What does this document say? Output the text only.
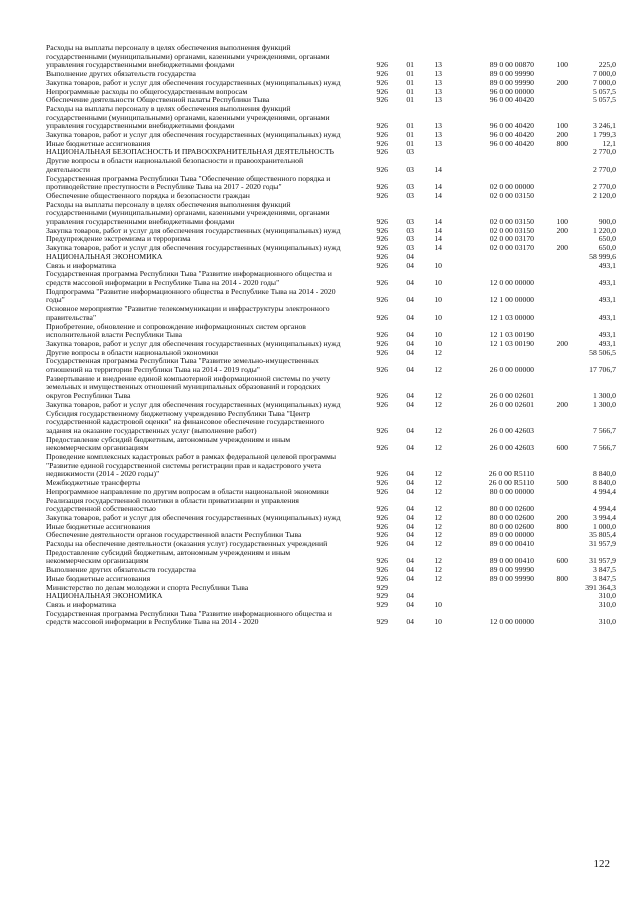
Расходы на выплаты персоналу в целях обеспечения выполнения функций государственными (муниципальными) органами, казенными учреждениями, органами управления государственными внебюджетными фондами	926	01	13	89 0 00 00870	100	225,0
Выполнение других обязательств государства	926	01	13	89 0 00 99990		7 000,0
Закупка товаров, работ и услуг для обеспечения государственных (муниципальных) нужд	926	01	13	89 0 00 99990	200	7 000,0
Непрограммные расходы по общегосударственным вопросам	926	01	13	96 0 00 00000		5 057,5
Обеспечение деятельности Общественной палаты Республики Тыва	926	01	13	96 0 00 40420		5 057,5
Расходы на выплаты персоналу в целях обеспечения выполнения функций государственными (муниципальными) органами, казенными учреждениями, органами управления государственными внебюджетными фондами	926	01	13	96 0 00 40420	100	3 246,1
Закупка товаров, работ и услуг для обеспечения государственных (муниципальных) нужд	926	01	13	96 0 00 40420	200	1 799,3
Иные бюджетные ассигнования	926	01	13	96 0 00 40420	800	12,1
НАЦИОНАЛЬНАЯ БЕЗОПАСНОСТЬ И ПРАВООХРАНИТЕЛЬНАЯ ДЕЯТЕЛЬНОСТЬ	926	03				2 770,0
Другие вопросы в области национальной безопасности и правоохранительной деятельности	926	03	14			2 770,0
Государственная программа Республики Тыва "Обеспечение общественного порядка и противодействие преступности в Республике Тыва на 2017 - 2020 годы"	926	03	14	02 0 00 00000		2 770,0
Обеспечение общественного порядка и безопасности граждан	926	03	14	02 0 00 03150		2 120,0
Расходы на выплаты персоналу в целях обеспечения выполнения функций государственными (муниципальными) органами, казенными учреждениями, органами управления государственными внебюджетными фондами	926	03	14	02 0 00 03150	100	900,0
Закупка товаров, работ и услуг для обеспечения государственных (муниципальных) нужд	926	03	14	02 0 00 03150	200	1 220,0
Предупреждение экстремизма и терроризма	926	03	14	02 0 00 03170		650,0
Закупка товаров, работ и услуг для обеспечения государственных (муниципальных) нужд	926	03	14	02 0 00 03170	200	650,0
НАЦИОНАЛЬНАЯ ЭКОНОМИКА	926	04				58 999,6
Связь и информатика	926	04	10			493,1
Государственная программа Республики Тыва "Развитие информационного общества и средств массовой информации в Республике Тыва на 2014 - 2020 годы"	926	04	10	12 0 00 00000		493,1
Подпрограмма "Развитие информационного общества в Республике Тыва на 2014 - 2020 годы"	926	04	10	12 1 00 00000		493,1
Основное мероприятие "Развитие телекоммуникации и инфраструктуры электронного правительства"	926	04	10	12 1 03 00000		493,1
Приобретение, обновление и сопровождение информационных систем органов исполнительной власти Республики Тыва	926	04	10	12 1 03 00190		493,1
Закупка товаров, работ и услуг для обеспечения государственных (муниципальных) нужд	926	04	10	12 1 03 00190	200	493,1
Другие вопросы в области национальной экономики	926	04	12			58 506,5
Государственная программа Республики Тыва "Развитие земельно-имущественных отношений на территории Республики Тыва на 2014 - 2019 годы"	926	04	12	26 0 00 00000		17 706,7
Развертывание и внедрение единой компьютерной информационной системы по учету земельных и имущественных отношений муниципальных образований и городских округов Республики Тыва	926	04	12	26 0 00 02601		1 300,0
Закупка товаров, работ и услуг для обеспечения государственных (муниципальных) нужд	926	04	12	26 0 00 02601	200	1 300,0
Субсидия государственному бюджетному учреждению Республики Тыва "Центр государственной кадастровой оценки" на финансовое обеспечение государственного задания на оказание государственных услуг (выполнение работ)	926	04	12	26 0 00 42603		7 566,7
Предоставление субсидий бюджетным, автономным учреждениям и иным некоммерческим организациям	926	04	12	26 0 00 42603	600	7 566,7
Проведение комплексных кадастровых работ в рамках федеральной целевой программы "Развитие единой государственной системы регистрации прав и кадастрового учета недвижимости (2014 - 2020 годы)"	926	04	12	26 0 00 R5110		8 840,0
Межбюджетные трансферты	926	04	12	26 0 00 R5110	500	8 840,0
Непрограммное направление по другим вопросам в области национальной экономики	926	04	12	80 0 00 00000		4 994,4
Реализация государственной политики в области приватизации и управления государственной собственностью	926	04	12	80 0 00 02600		4 994,4
Закупка товаров, работ и услуг для обеспечения государственных (муниципальных) нужд	926	04	12	80 0 00 02600	200	3 994,4
Иные бюджетные ассигнования	926	04	12	80 0 00 02600	800	1 000,0
Обеспечение деятельности органов государственной власти Республики Тыва	926	04	12	89 0 00 00000		35 805,4
Расходы на обеспечение деятельности (оказания услуг) государственных учреждений	926	04	12	89 0 00 00410		31 957,9
Предоставление субсидий бюджетным, автономным учреждениям и иным некоммерческим организациям	926	04	12	89 0 00 00410	600	31 957,9
Выполнение других обязательств государства	926	04	12	89 0 00 99990		3 847,5
Иные бюджетные ассигнования	926	04	12	89 0 00 99990	800	3 847,5
Министерство по делам молодежи и спорта Республики Тыва	929					391 364,3
НАЦИОНАЛЬНАЯ ЭКОНОМИКА	929	04				310,0
Связь и информатика	929	04	10			310,0
Государственная программа Республики Тыва "Развитие информационного общества и средств массовой информации в Республике Тыва на 2014 - 2020	929	04	10	12 0 00 00000		310,0
122
